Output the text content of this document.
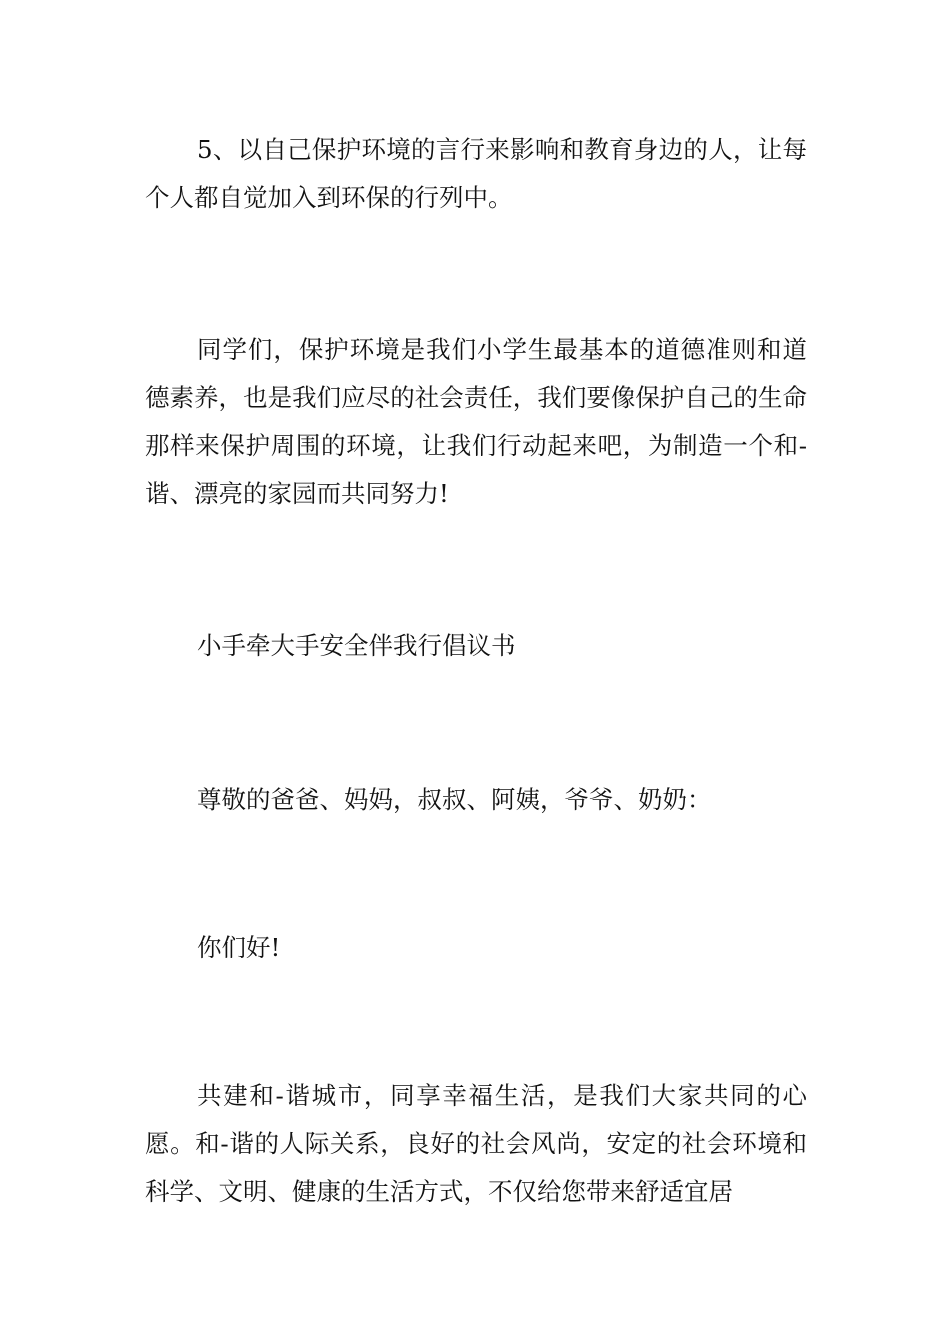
5、以自己保护环境的言行来影响和教育身边的人，让每个人都自觉加入到环保的行列中。

同学们，保护环境是我们小学生最基本的道德准则和道德素养，也是我们应尽的社会责任，我们要像保护自己的生命那样来保护周围的环境，让我们行动起来吧，为制造一个和-谐、漂亮的家园而共同努力!

小手牵大手安全伴我行倡议书

尊敬的爸爸、妈妈，叔叔、阿姨，爷爷、奶奶：

你们好!

共建和-谐城市，同享幸福生活，是我们大家共同的心愿。和-谐的人际关系，良好的社会风尚，安定的社会环境和科学、文明、健康的生活方式，不仅给您带来舒适宜居
